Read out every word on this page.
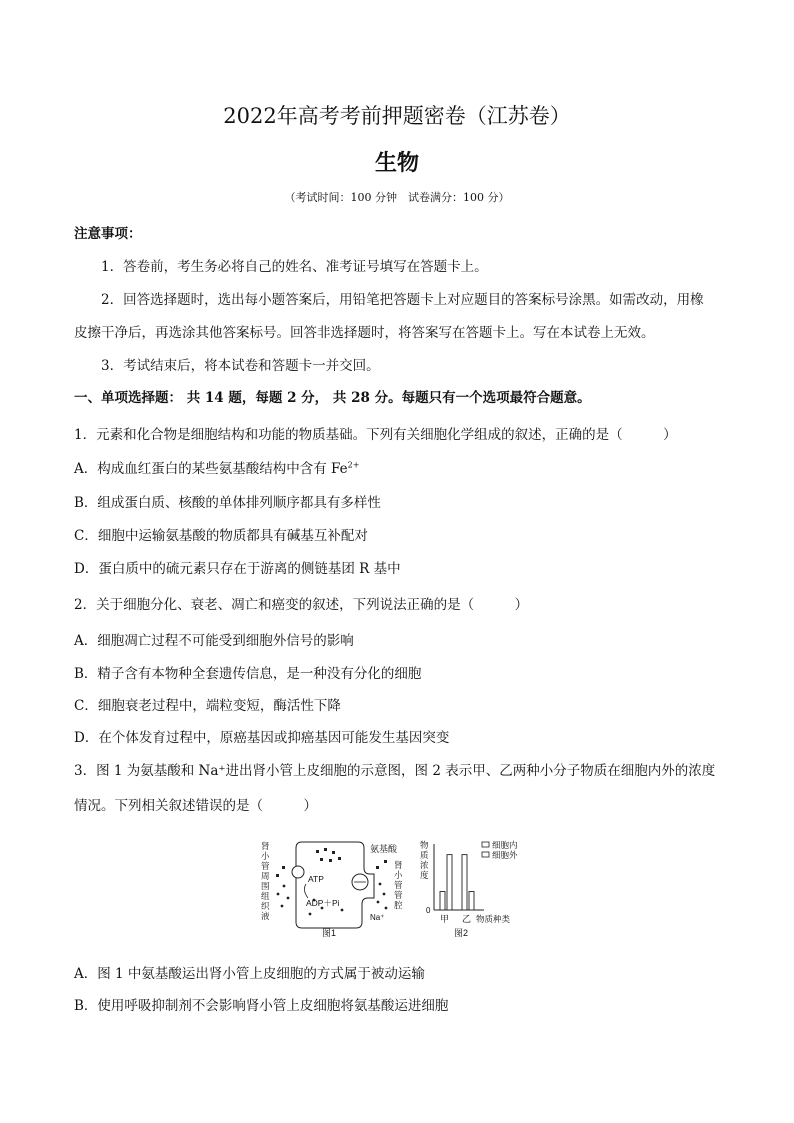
2022年高考考前押题密卷（江苏卷）
生物
（考试时间：100 分钟　试卷满分：100 分）
注意事项：
1．答卷前，考生务必将自己的姓名、准考证号填写在答题卡上。
2．回答选择题时，选出每小题答案后，用铅笔把答题卡上对应题目的答案标号涂黑。如需改动，用橡
皮擦干净后，再选涂其他答案标号。回答非选择题时，将答案写在答题卡上。写在本试卷上无效。
3．考试结束后，将本试卷和答题卡一并交回。
一、单项选择题： 共 14 题，每题 2 分， 共 28 分。每题只有一个选项最符合题意。
1．元素和化合物是细胞结构和功能的物质基础。下列有关细胞化学组成的叙述，正确的是（　　　）
A．构成血红蛋白的某些氨基酸结构中含有 $Fe^{2+}$
B．组成蛋白质、核酸的单体排列顺序都具有多样性
C．细胞中运输氨基酸的物质都具有碱基互补配对
D．蛋白质中的硫元素只存在于游离的侧链基团 R 基中
2．关于细胞分化、衰老、凋亡和癌变的叙述，下列说法正确的是（　　　）
A．细胞凋亡过程不可能受到细胞外信号的影响
B．精子含有本物种全套遗传信息，是一种没有分化的细胞
C．细胞衰老过程中，端粒变短，酶活性下降
D．在个体发育过程中，原癌基因或抑癌基因可能发生基因突变
3．图 1 为氨基酸和 Na⁺进出肾小管上皮细胞的示意图，图 2 表示甲、乙两种小分子物质在细胞内外的浓度
情况。下列相关叙述错误的是（　　　）
肾
小
管
周
围
组
织
液
ATP
ADP＋Pi
Na⁺
氨基酸
肾
小
管
管
腔
图1
物
质
浓
度
0
甲 乙 物质种类
细胞内
细胞外
图2
A．图 1 中氨基酸运出肾小管上皮细胞的方式属于被动运输
B．使用呼吸抑制剂不会影响肾小管上皮细胞将氨基酸运进细胞
